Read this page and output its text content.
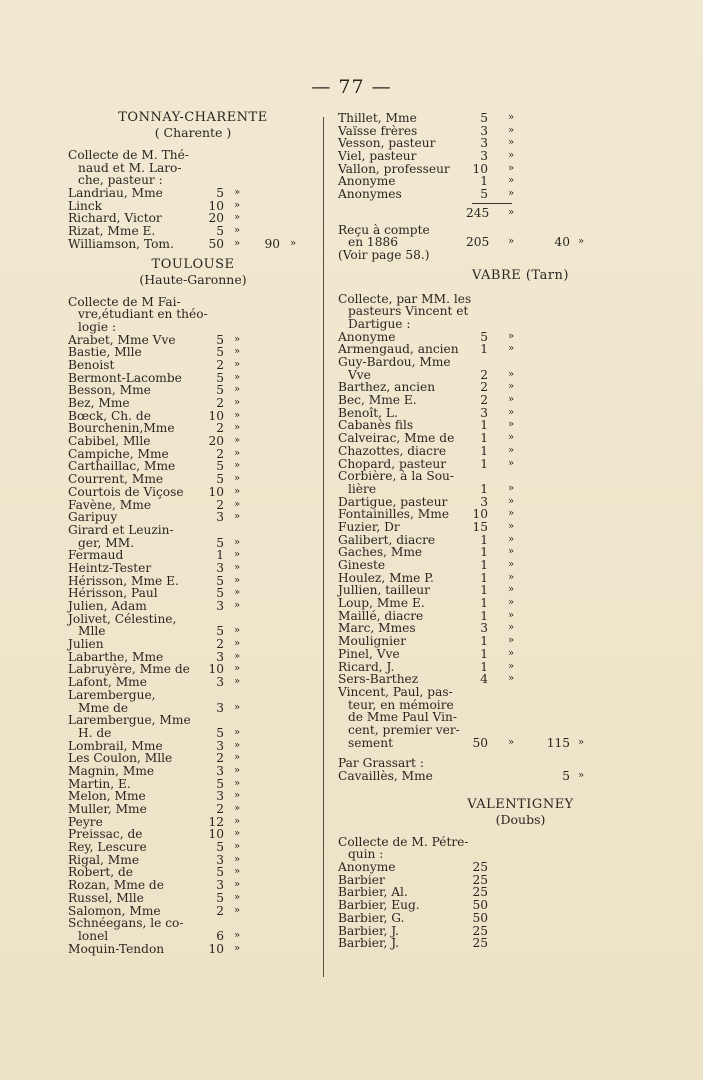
— 77 —
TONNAY-CHARENTE
( Charente )
Collecte de M. Thé-
naud et M. Laro-
che, pasteur :
Landriau, Mme	5 »
Linck	10 »
Richard, Victor	20 »
Rizat, Mme E.	5 »
Williamson, Tom.	50 »	90 »
TOULOUSE
(Haute-Garonne)
Collecte de M Fai-
vre,étudiant en théo-
logie :
Arabet, Mme Vve	5 »
Bastie, Mlle	5 »
Benoist	2 »
Bermont-Lacombe	5 »
Besson, Mme	5 »
Bez, Mme	2 »
Bœck, Ch. de	10 »
Bourchenin,Mme	2 »
Cabibel, Mlle	20 »
Campiche, Mme	2 »
Carthaillac, Mme	5 »
Courrent, Mme	5 »
Courtois de Viçose	10 »
Favène, Mme	2 »
Garipuy	3 »
Girard et Leuzin-
ger, MM.	5 »
Fermaud	1 »
Heintz-Tester	3 »
Hérisson, Mme E.	5 »
Hérisson, Paul	5 »
Julien, Adam	3 »
Jolivet, Célestine,
Mlle	5 »
Julien	2 »
Labarthe, Mme	3 »
Labruyère, Mme de	10 »
Lafont, Mme	3 »
Larembergue,
Mme de	3 »
Larembergue, Mme
H. de	5 »
Lombrail, Mme	3 »
Les Coulon, Mlle	2 »
Magnin, Mme	3 »
Martin, E.	5 »
Melon, Mme	3 »
Muller, Mme	2 »
Peyre	12 »
Preissac, de	10 »
Rey, Lescure	5 »
Rigal, Mme	3 »
Robert, de	5 »
Rozan, Mme de	3 »
Russel, Mlle	5 »
Salomon, Mme	2 »
Schnéegans, le co-
lonel	6 »
Moquin-Tendon	10 »
Thillet, Mme	5 »
Vaïsse frères	3 »
Vesson, pasteur	3 »
Viel, pasteur	3 »
Vallon, professeur	10 »
Anonyme	1 »
Anonymes	5 »
245 »
Reçu à compte
en 1886	205 »	40 »
(Voir page 58.)
VABRE (Tarn)
Collecte, par MM. les
pasteurs Vincent et
Dartigue :
Anonyme	5 »
Armengaud, ancien	1 »
Guy-Bardou, Mme
Vve	2 »
Barthez, ancien	2 »
Bec, Mme E.	2 »
Benoît, L.	3 »
Cabanès fils	1 »
Calveirac, Mme de	1 »
Chazottes, diacre	1 »
Chopard, pasteur	1 »
Corbière, à la Sou-
lière	1 »
Dartigue, pasteur	3 »
Fontainilles, Mme	10 »
Fuzier, Dr	15 »
Galibert, diacre	1 »
Gaches, Mme	1 »
Gineste	1 »
Houlez, Mme P.	1 »
Jullien, tailleur	1 »
Loup, Mme E.	1 »
Maillé, diacre	1 »
Marc, Mmes	3 »
Moulignier	1 »
Pinel, Vve	1 »
Ricard, J.	1 »
Sers-Barthez	4 »
Vincent, Paul, pas-
teur, en mémoire
de Mme Paul Vin-
cent, premier ver-
sement	50 »	115 »
Par Grassart :
Cavaillès, Mme	5 »
VALENTIGNEY
(Doubs)
Collecte de M. Pétre-
quin :
Anonyme	25
Barbier	25
Barbier, Al.	25
Barbier, Eug.	50
Barbier, G.	50
Barbier, J.	25
Barbier, J.	25
